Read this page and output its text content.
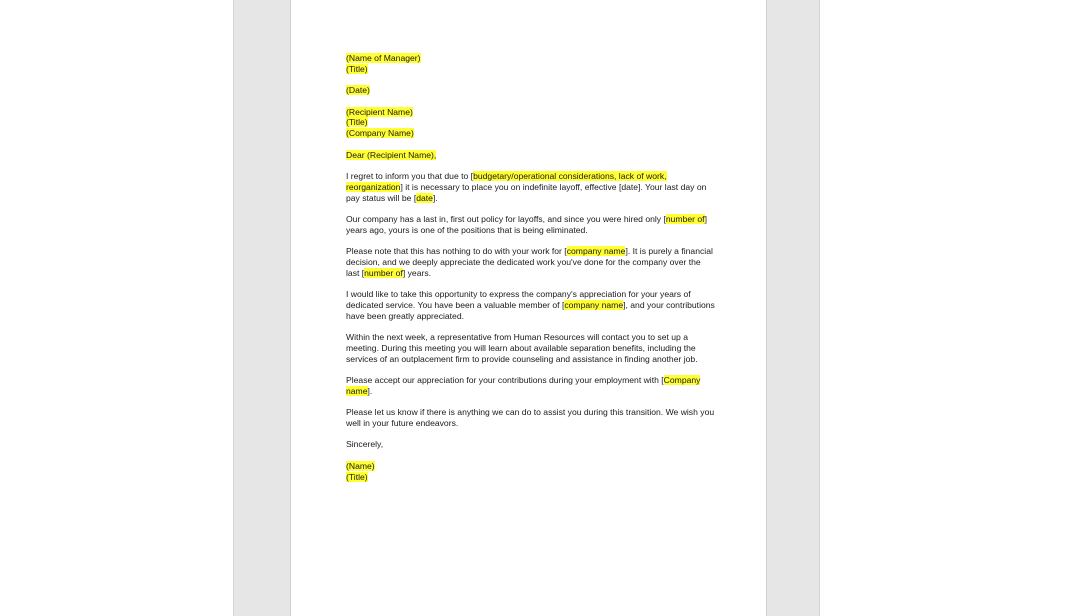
(Name of Manager)
(Title)

(Date)

(Recipient Name)
(Title)
(Company Name)

Dear (Recipient Name),

I regret to inform you that due to [budgetary/operational considerations, lack of work, reorganization] it is necessary to place you on indefinite layoff, effective [date]. Your last day on pay status will be [date].

Our company has a last in, first out policy for layoffs, and since you were hired only [number of] years ago, yours is one of the positions that is being eliminated.

Please note that this has nothing to do with your work for [company name]. It is purely a financial decision, and we deeply appreciate the dedicated work you've done for the company over the last [number of] years.

I would like to take this opportunity to express the company's appreciation for your years of dedicated service. You have been a valuable member of [company name], and your contributions have been greatly appreciated.

Within the next week, a representative from Human Resources will contact you to set up a meeting. During this meeting you will learn about available separation benefits, including the services of an outplacement firm to provide counseling and assistance in finding another job.

Please accept our appreciation for your contributions during your employment with [Company name].

Please let us know if there is anything we can do to assist you during this transition. We wish you well in your future endeavors.

Sincerely,

(Name)
(Title)
